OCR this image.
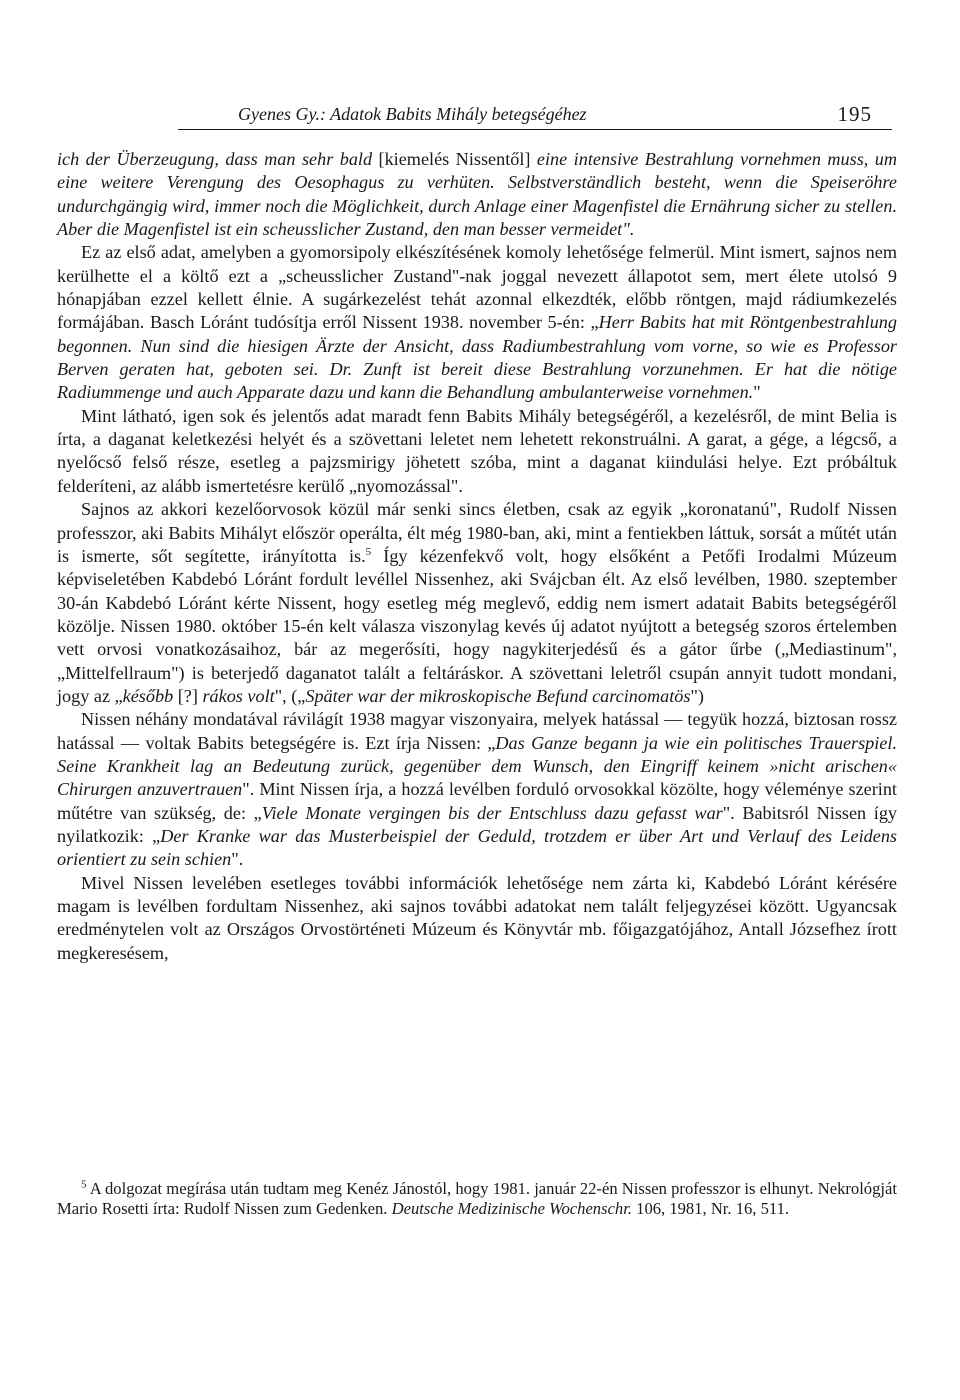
Gyenes Gy.: Adatok Babits Mihály betegségéhez	195

ich der Überzeugung, dass man sehr bald [kiemelés Nissentől] eine intensive Bestrahlung vornehmen muss, um eine weitere Verengung des Oesophagus zu verhüten. Selbstverständlich besteht, wenn die Speiseröhre undurchgängig wird, immer noch die Möglichkeit, durch Anlage einer Magenfistel die Ernährung sicher zu stellen. Aber die Magenfistel ist ein scheusslicher Zustand, den man besser vermeidet".

Ez az első adat, amelyben a gyomorsipoly elkészítésének komoly lehetősége felmerül. Mint ismert, sajnos nem kerülhette el a költő ezt a „scheusslicher Zustand"-nak joggal nevezett állapotot sem, mert élete utolsó 9 hónapjában ezzel kellett élnie. A sugárkezelést tehát azonnal elkezdték, előbb röntgen, majd rádiumkezelés formájában. Basch Lóránt tudósítja erről Nissent 1938. november 5-én: „Herr Babits hat mit Röntgenbestrahlung begonnen. Nun sind die hiesigen Ärzte der Ansicht, dass Radiumbestrahlung vom vorne, so wie es Professor Berven geraten hat, geboten sei. Dr. Zunft ist bereit diese Bestrahlung vorzunehmen. Er hat die nötige Radiummenge und auch Apparate dazu und kann die Behandlung ambulanterweise vornehmen."

Mint látható, igen sok és jelentős adat maradt fenn Babits Mihály betegségéről, a kezelésről, de mint Belia is írta, a daganat keletkezési helyét és a szövettani leletet nem lehetett rekonstruálni. A garat, a gége, a légcső, a nyelőcső felső része, esetleg a pajzsmirigy jöhetett szóba, mint a daganat kiindulási helye. Ezt próbáltuk felderíteni, az alább ismertetésre kerülő „nyomozással".

Sajnos az akkori kezelőorvosok közül már senki sincs életben, csak az egyik „koronatanú", Rudolf Nissen professzor, aki Babits Mihályt először operálta, élt még 1980-ban, aki, mint a fentiekben láttuk, sorsát a műtét után is ismerte, sőt segítette, irányította is.$^5$ Így kézenfekvő volt, hogy elsőként a Petőfi Irodalmi Múzeum képviseletében Kabdebó Lóránt fordult levéllel Nissenhez, aki Svájcban élt. Az első levélben, 1980. szeptember 30-án Kabdebó Lóránt kérte Nissent, hogy esetleg még meglevő, eddig nem ismert adatait Babits betegségéről közölje. Nissen 1980. október 15-én kelt válasza viszonylag kevés új adatot nyújtott a betegség szoros értelemben vett orvosi vonatkozásaihoz, bár az megerősíti, hogy nagykiterjedésű és a gátor űrbe („Mediastinum", „Mittelfellraum") is beterjedő daganatot talált a feltáráskor. A szövettani leletről csupán annyit tudott mondani, jogy az „később [?] rákos volt", („Später war der mikroskopische Befund carcinomatös")

Nissen néhány mondatával rávilágít 1938 magyar viszonyaira, melyek hatással — tegyük hozzá, biztosan rossz hatással — voltak Babits betegségére is. Ezt írja Nissen: „Das Ganze begann ja wie ein politisches Trauerspiel. Seine Krankheit lag an Bedeutung zurück, gegenüber dem Wunsch, den Eingriff keinem »nicht arischen« Chirurgen anzuvertrauen". Mint Nissen írja, a hozzá levélben forduló orvosokkal közölte, hogy véleménye szerint műtétre van szükség, de: „Viele Monate vergingen bis der Entschluss dazu gefasst war". Babitsról Nissen így nyilatkozik: „Der Kranke war das Musterbeispiel der Geduld, trotzdem er über Art und Verlauf des Leidens orientiert zu sein schien".

Mivel Nissen levelében esetleges további információk lehetősége nem zárta ki, Kabdebó Lóránt kérésére magam is levélben fordultam Nissenhez, aki sajnos további adatokat nem talált feljegyzései között. Ugyancsak eredménytelen volt az Országos Orvostörténeti Múzeum és Könyvtár mb. főigazgatójához, Antall Józsefhez írott megkeresésem,

$^5$ A dolgozat megírása után tudtam meg Kenéz Jánostól, hogy 1981. január 22-én Nissen professzor is elhunyt. Nekrológját Mario Rosetti írta: Rudolf Nissen zum Gedenken. Deutsche Medizinische Wochenschr. 106, 1981, Nr. 16, 511.
